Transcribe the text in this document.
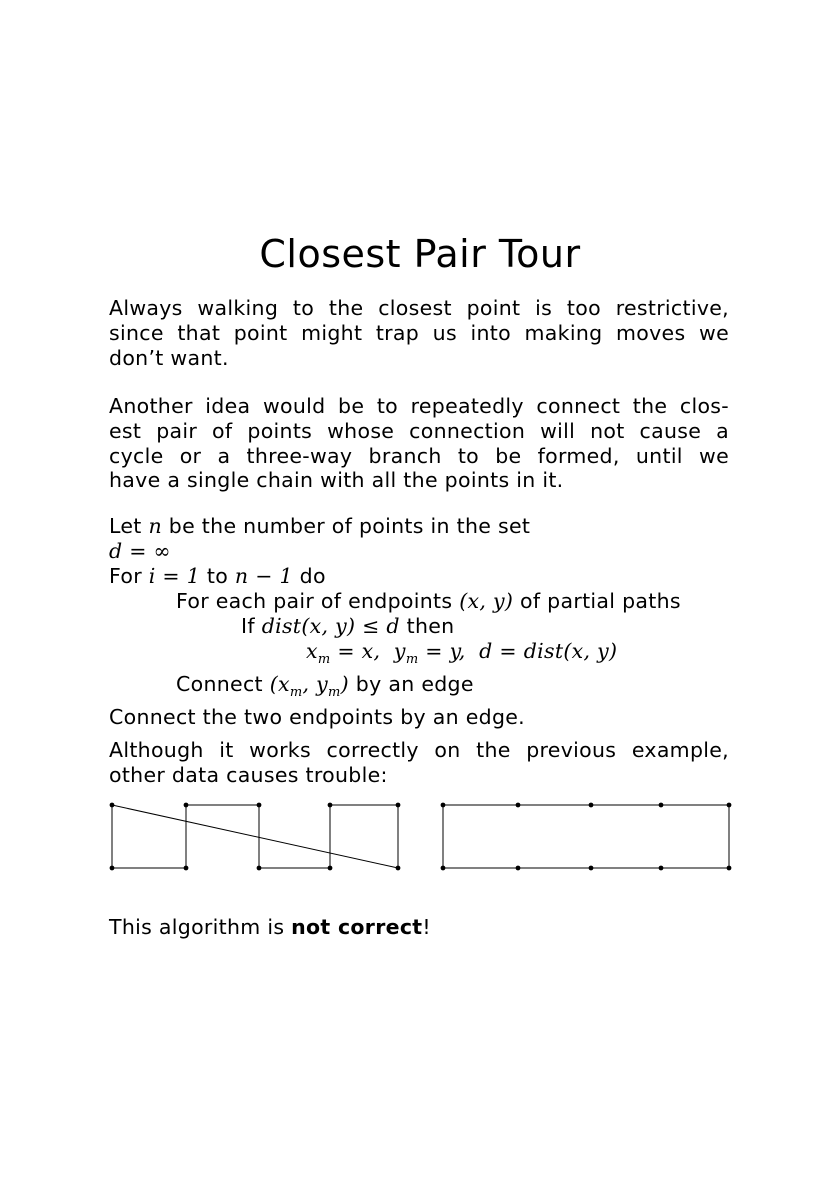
Closest Pair Tour
Always walking to the closest point is too restrictive,
since that point might trap us into making moves we
don’t want.
Another idea would be to repeatedly connect the clos-
est pair of points whose connection will not cause a
cycle or a three-way branch to be formed, until we
have a single chain with all the points in it.
Let n be the number of points in the set
d = ∞
For i = 1 to n − 1 do
For each pair of endpoints (x, y) of partial paths
If dist(x, y) ≤ d then
$x_m = x$,  $y_m = y$,  d = dist(x, y)
Connect ($x_m$, $y_m$) by an edge
Connect the two endpoints by an edge.
Although it works correctly on the previous example,
other data causes trouble:
This algorithm is not correct!
